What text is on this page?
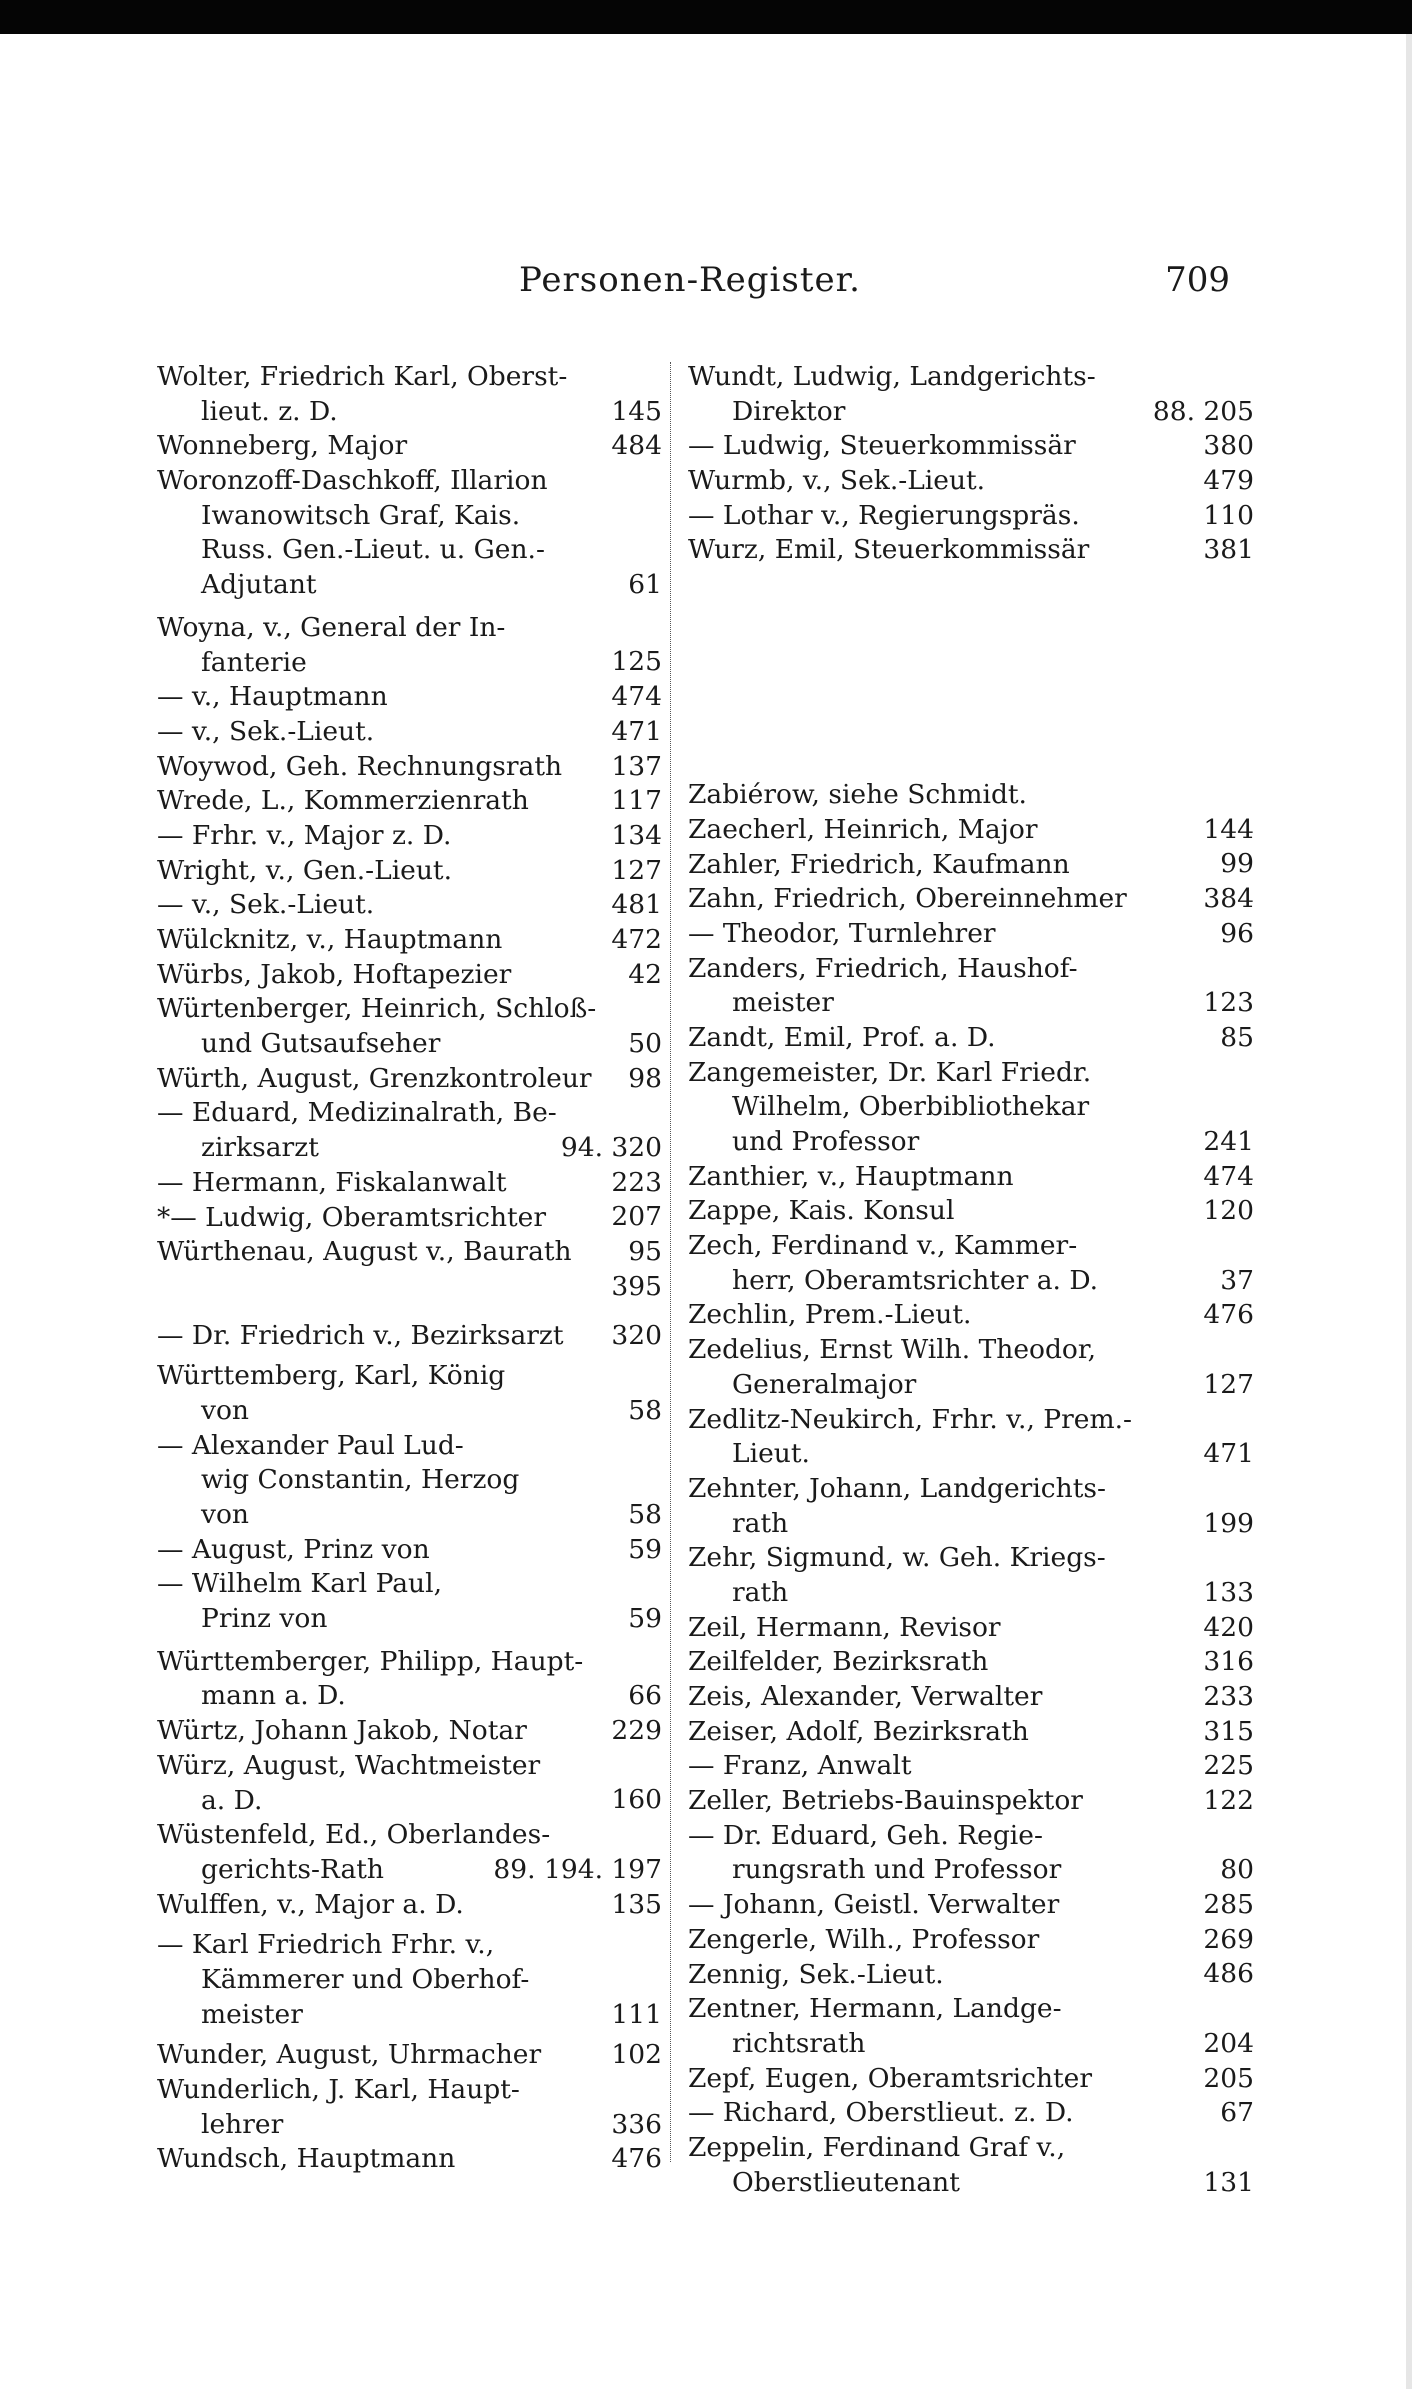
Personen-Register.	709
Wolter, Friedrich Karl, Oberst-
lieut. z. D.	145
Wonneberg, Major	484
Woronzoff-Daschkoff, Illarion
Iwanowitsch Graf, Kais.
Russ. Gen.-Lieut. u. Gen.-
Adjutant	61
Woyna, v., General der In-
fanterie	125
— v., Hauptmann	474
— v., Sek.-Lieut.	471
Woywod, Geh. Rechnungsrath	137
Wrede, L., Kommerzienrath	117
— Frhr. v., Major z. D.	134
Wright, v., Gen.-Lieut.	127
— v., Sek.-Lieut.	481
Wülcknitz, v., Hauptmann	472
Würbs, Jakob, Hoftapezier	42
Würtenberger, Heinrich, Schloß-
und Gutsaufseher	50
Würth, August, Grenzkontroleur	98
— Eduard, Medizinalrath, Be-
zirksarzt	94. 320
— Hermann, Fiskalanwalt	223
*— Ludwig, Oberamtsrichter	207
Würthenau, August v., Baurath	95
395
— Dr. Friedrich v., Bezirksarzt	320
Württemberg, Karl, König
von	58
— Alexander Paul Lud-
wig Constantin, Herzog
von	58
— August, Prinz von	59
— Wilhelm Karl Paul,
Prinz von	59
Württemberger, Philipp, Haupt-
mann a. D.	66
Würtz, Johann Jakob, Notar	229
Würz, August, Wachtmeister
a. D.	160
Wüstenfeld, Ed., Oberlandes-
gerichts-Rath	89. 194. 197
Wulffen, v., Major a. D.	135
— Karl Friedrich Frhr. v.,
Kämmerer und Oberhof-
meister	111
Wunder, August, Uhrmacher	102
Wunderlich, J. Karl, Haupt-
lehrer	336
Wundsch, Hauptmann	476
Wundt, Ludwig, Landgerichts-
Direktor	88. 205
— Ludwig, Steuerkommissär	380
Wurmb, v., Sek.-Lieut.	479
— Lothar v., Regierungspräs.	110
Wurz, Emil, Steuerkommissär	381
Zabiérow, siehe Schmidt.
Zaecherl, Heinrich, Major	144
Zahler, Friedrich, Kaufmann	99
Zahn, Friedrich, Obereinnehmer	384
— Theodor, Turnlehrer	96
Zanders, Friedrich, Haushof-
meister	123
Zandt, Emil, Prof. a. D.	85
Zangemeister, Dr. Karl Friedr.
Wilhelm, Oberbibliothekar
und Professor	241
Zanthier, v., Hauptmann	474
Zappe, Kais. Konsul	120
Zech, Ferdinand v., Kammer-
herr, Oberamtsrichter a. D.	37
Zechlin, Prem.-Lieut.	476
Zedelius, Ernst Wilh. Theodor,
Generalmajor	127
Zedlitz-Neukirch, Frhr. v., Prem.-
Lieut.	471
Zehnter, Johann, Landgerichts-
rath	199
Zehr, Sigmund, w. Geh. Kriegs-
rath	133
Zeil, Hermann, Revisor	420
Zeilfelder, Bezirksrath	316
Zeis, Alexander, Verwalter	233
Zeiser, Adolf, Bezirksrath	315
— Franz, Anwalt	225
Zeller, Betriebs-Bauinspektor	122
— Dr. Eduard, Geh. Regie-
rungsrath und Professor	80
— Johann, Geistl. Verwalter	285
Zengerle, Wilh., Professor	269
Zennig, Sek.-Lieut.	486
Zentner, Hermann, Landge-
richtsrath	204
Zepf, Eugen, Oberamtsrichter	205
— Richard, Oberstlieut. z. D.	67
Zeppelin, Ferdinand Graf v.,
Oberstlieutenant	131
